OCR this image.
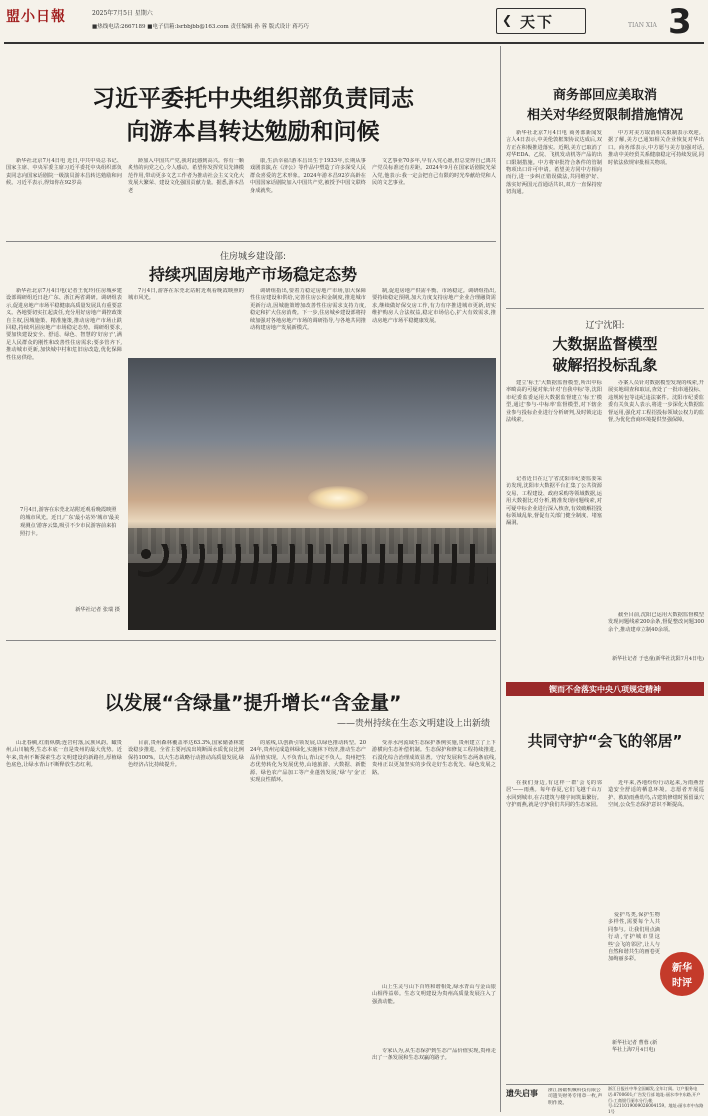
盟小日報	2025年7月5日 星期六
■热线电话:2667189 ■电子信箱:lsrbbjbb@163.com 责任编辑 孙 蓉 版式设计 蒋巧巧	❮ 天下	TIAN XIA 3
习近平委托中央组织部负责同志
向游本昌转达勉励和问候
新华社北京7月4日电 近日,中共中央总书记、国家主席、中央军委主席习近平委托中央组织部负责同志向国家话剧院一级演员游本昌转达勉励和问候。习近平表示,得知你在92岁高
龄加入中国共产党,我对此感到高兴。你有一颗炙热的向党之心,令人感动。希望你发挥党员先锋模范作用,带动更多文艺工作者为推动社会主义文化大发展大繁荣、建设文化强国贡献力量。据悉,游本昌老
康,生活幸福!游本昌出生于1933年,长期从事戏剧表演,在《济公》等作品中塑造了许多深受人民群众喜爱的艺术形象。2024年游本昌92岁高龄在中国国家话剧院加入中国共产党,被授予中国文联终身成就奖。
文艺事业70多年,早有入党心愿,但总觉得自己离共产党员标准还有差距。2024年9月在国家话剧院光荣入党,他表示:我一定会把自己有限的时光奉献给党和人民的文艺事业。
住房城乡建设部:
持续巩固房地产市场稳定态势
新华社北京7月4日电(记者王优玲)住房城乡建设部调研组近日赴广东、浙江两省调研。调研组表示,促进房地产市场平稳健康高质量发展具有重要意义。各地要切实扛起责任,充分用好房地产调控政策自主权,因城施策、精准施策,推动房地产市场止跌回稳,持续巩固房地产市场稳定态势。调研组要求,要加快建设安全、舒适、绿色、智慧的'好房子',满足人民群众的刚性和改善性住房需求;要多管齐下,推动城市更新,加快城中村和危旧房改造,优化保障性住房供给。
7月4日,游客在东莞北站附近观看晚霞映照的城市风光。
调研组指出,要着力稳定房地产市场,加大保障性住房建设和供给,完善住房公积金制度,推进城市更新行动,因城施策增加改善性住房需求支持力度,稳定和扩大住房消费。下一步,住房城乡建设部将持续加强对各地房地产市场的调研指导,与各地共同推动构建房地产发展新模式。
制,促进房地产供需平衡、市场稳定。调研组指出,要持续稳定预期,加大力度支持房地产企业合理融资需求,继续做好保交房工作,有力有序推进城市更新,切实维护购房人合法权益,稳定市场信心,扩大有效需求,推动房地产市场平稳健康发展。
7月4日,游客在东莞北站附近观看晚霞映照的城市风光。近日,广东'最小站外'城市'最美观测点'游客云集,吸引不少市民游客前来拍照打卡。
新华社记者 张瑞 摄
以发展“含绿量”提升增长“含金量”
——贵州持续在生态文明建设上出新绩
山北春稠,红雨纵横;连岩村落,民族风韵。瞰贵州,山川毓秀,生态本底一直是贵州的最大优势。近年来,贵州不断探索生态文明建设的新路径,厚植绿色底色,让绿水青山不断释放生态红利。
目前,贵州森林覆盖率达63.3%,国家储备林建设稳步推进。全省主要河流出境断面水质优良比例保持100%。以大生态战略行动推动高质量发展,绿色经济占比持续提升。
的底线,以创新引领发展,以绿色推动转型。2024年,贵州完成造林绿化,实施林下经济,推动生态产品价值实现。人不负青山,青山定不负人。贵州把生态优势转化为发展优势,山地旅游、大数据、新能源、绿色农产品加工等产业蓬勃发展,'绿'与'金'正实现良性循环。
受赤水河流域生态保护条例实施,贵州建立了上下游横向生态补偿机制。生态保护和修复工程持续推进,石漠化综合治理成效显著。守好发展和生态两条底线,贵州正以更加坚实的步伐走好生态优先、绿色发展之路。
山上生灵与山下百姓和谐相处,绿水青山与金山银山相得益彰。生态文明建设为贵州高质量发展注入了强劲动能。
专家认为,从生态保护到生态产品价值实现,贵州走出了一条发展和生态双赢的路子。
商务部回应美取消
相关对华经贸限制措施情况
新华社北京7月4日电 商务部新闻发言人4日表示,中美伦敦框架协议达成后,双方正在积极推进落实。近期,美方已取消了对华EDA、乙烷、飞机发动机等产品的出口限制措施。中方将审批符合条件的管制物项出口许可申请。希望美方同中方相向而行,进一步纠正错误做法,共同维护好、落实好两国元首通话共识,双方一直保持密切沟通。
中方对美方取消相关限制表示欢迎。据了解,美方已通知相关企业恢复对华出口。商务部表示,中方愿与美方加强对话,推动中美经贸关系健康稳定可持续发展,同时依法依规审批相关物项。
辽宁沈阳:
大数据监督模型
破解招投标乱象
建立'标王'大数据监督模型,所出中标率畸高的可疑对象;针对'自我中标'等,沈阳市纪委监委运用大数据监督建立'标王'模型,通过'参与-中标率'监督模型,对下辖企业参与投标企业进行分析研判,及时锁定违法线索。
记者近日在辽宁省沈阳市纪委监委采访发现,沈阳市大数据平台汇集了公共资源交易、工程建设、政府采购等领域数据,运用大数据比对分析,精准发现问题线索,对可疑中标企业进行深入核查,有效破解招投标领域乱象,督促有关部门健全制度、堵塞漏洞。
办案人员针对数据模型发现的线索,开展实地调查和取证,查处了一批串通投标、违规转包等违纪违法案件。沈阳市纪委监委有关负责人表示,将进一步深化大数据监督运用,强化对工程招投标领域公权力的监督,为优化营商环境提供坚强保障。
截至目前,沈阳已运用大数据监督模型发现问题线索200余条,督促整改问题300余个,推动建章立制40余项。
新华社记者 于也童(新华社沈阳7月4日电)
锲而不舍落实中央八项规定精神
共同守护“会飞的邻居”
在我们身边,有这样一群'会飞的邻居'——雨燕。每年春夏,它们飞越千山万水回到城市,在古建筑与楼宇间筑巢繁衍。守护雨燕,就是守护我们共同的生态家园。
近年来,各地纷纷行动起来,为雨燕营造安全舒适的栖息环境。志愿者开展巡护、救助雨燕幼鸟,古建筑修缮时预留巢穴空间,公众生态保护意识不断提高。
爱护鸟类,保护生物多样性,需要每个人共同参与。让我们用点滴行动,守护城市里这些'会飞的邻居',让人与自然和谐共生的画卷更加绚丽多彩。
新华
时评
新华社记者 曹蓉 (新华社上海7月4日电)
遗失启事	浙江国础机械科技有限公司遗失财务专用章一枚,声明作废。
浙江日报社中华全国邮发,全年订阅。订户服务电话:8700601;广告发行部 地址:丽水市中东路,开户行:工商银行丽水分行;帐号:1211019009026004159。地址:丽水市中东路1号
